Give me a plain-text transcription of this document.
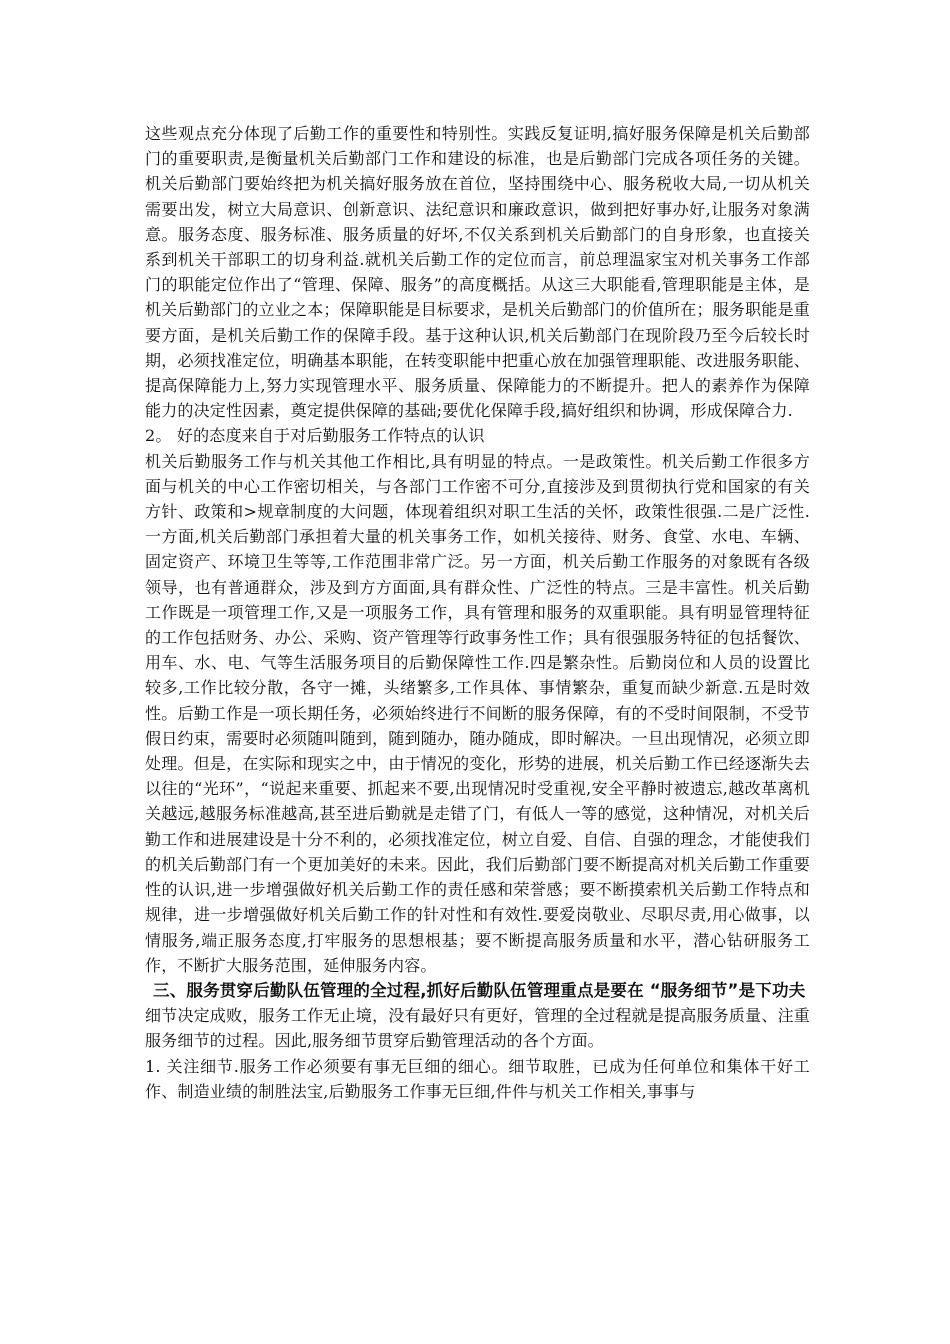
这些观点充分体现了后勤工作的重要性和特别性。实践反复证明,搞好服务保障是机关后勤部门的重要职责,是衡量机关后勤部门工作和建设的标准，也是后勤部门完成各项任务的关键。机关后勤部门要始终把为机关搞好服务放在首位，坚持围绕中心、服务税收大局,一切从机关需要出发，树立大局意识、创新意识、法纪意识和廉政意识，做到把好事办好,让服务对象满意。服务态度、服务标准、服务质量的好坏,不仅关系到机关后勤部门的自身形象，也直接关系到机关干部职工的切身利益.就机关后勤工作的定位而言，前总理温家宝对机关事务工作部门的职能定位作出了“管理、保障、服务”的高度概括。从这三大职能看,管理职能是主体，是机关后勤部门的立业之本；保障职能是目标要求，是机关后勤部门的价值所在；服务职能是重要方面，是机关后勤工作的保障手段。基于这种认识,机关后勤部门在现阶段乃至今后较长时期，必须找准定位，明确基本职能，在转变职能中把重心放在加强管理职能、改进服务职能、提高保障能力上,努力实现管理水平、服务质量、保障能力的不断提升。把人的素养作为保障能力的决定性因素，奠定提供保障的基础;要优化保障手段,搞好组织和协调，形成保障合力.

2。 好的态度来自于对后勤服务工作特点的认识

机关后勤服务工作与机关其他工作相比,具有明显的特点。一是政策性。机关后勤工作很多方面与机关的中心工作密切相关，与各部门工作密不可分,直接涉及到贯彻执行党和国家的有关方针、政策和>规章制度的大问题，体现着组织对职工生活的关怀，政策性很强.二是广泛性.一方面,机关后勤部门承担着大量的机关事务工作，如机关接待、财务、食堂、水电、车辆、固定资产、环境卫生等等,工作范围非常广泛。另一方面，机关后勤工作服务的对象既有各级领导，也有普通群众，涉及到方方面面,具有群众性、广泛性的特点。三是丰富性。机关后勤工作既是一项管理工作,又是一项服务工作，具有管理和服务的双重职能。具有明显管理特征的工作包括财务、办公、采购、资产管理等行政事务性工作；具有很强服务特征的包括餐饮、用车、水、电、气等生活服务项目的后勤保障性工作.四是繁杂性。后勤岗位和人员的设置比较多,工作比较分散，各守一摊，头绪繁多,工作具体、事情繁杂，重复而缺少新意.五是时效性。后勤工作是一项长期任务，必须始终进行不间断的服务保障，有的不受时间限制，不受节假日约束，需要时必须随叫随到，随到随办，随办随成，即时解决。一旦出现情况，必须立即处理。但是，在实际和现实之中，由于情况的变化，形势的进展，机关后勤工作已经逐渐失去以往的“光环”，“说起来重要、抓起来不要,出现情况时受重视,安全平静时被遗忘,越改革离机关越远,越服务标准越高,甚至进后勤就是走错了门，有低人一等的感觉，这种情况，对机关后勤工作和进展建设是十分不利的，必须找准定位，树立自爱、自信、自强的理念，才能使我们的机关后勤部门有一个更加美好的未来。因此，我们后勤部门要不断提高对机关后勤工作重要性的认识,进一步增强做好机关后勤工作的责任感和荣誉感；要不断摸索机关后勤工作特点和规律，进一步增强做好机关后勤工作的针对性和有效性.要爱岗敬业、尽职尽责,用心做事，以情服务,端正服务态度,打牢服务的思想根基；要不断提高服务质量和水平，潜心钻研服务工作，不断扩大服务范围，延伸服务内容。

三、服务贯穿后勤队伍管理的全过程,抓好后勤队伍管理重点是要在 “服务细节”是下功夫

细节决定成败，服务工作无止境，没有最好只有更好，管理的全过程就是提高服务质量、注重服务细节的过程。因此,服务细节贯穿后勤管理活动的各个方面。

1. 关注细节.服务工作必须要有事无巨细的细心。细节取胜，已成为任何单位和集体干好工作、制造业绩的制胜法宝,后勤服务工作事无巨细,件件与机关工作相关,事事与
